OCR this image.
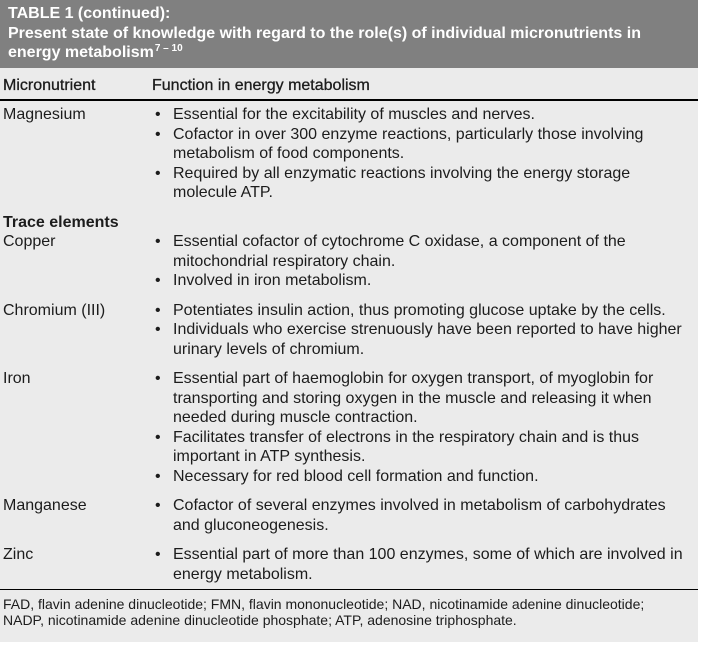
TABLE 1 (continued):
Present state of knowledge with regard to the role(s) of individual micronutrients in
energy metabolism$^{7 - 10}$
Micronutrient	Function in energy metabolism
Magnesium	• Essential for the excitability of muscles and nerves.
• Cofactor in over 300 enzyme reactions, particularly those involving
metabolism of food components.
• Required by all enzymatic reactions involving the energy storage
molecule ATP.
Trace elements
Copper	• Essential cofactor of cytochrome C oxidase, a component of the
mitochondrial respiratory chain.
• Involved in iron metabolism.
Chromium (III)	• Potentiates insulin action, thus promoting glucose uptake by the cells.
• Individuals who exercise strenuously have been reported to have higher
urinary levels of chromium.
Iron	• Essential part of haemoglobin for oxygen transport, of myoglobin for
transporting and storing oxygen in the muscle and releasing it when
needed during muscle contraction.
• Facilitates transfer of electrons in the respiratory chain and is thus
important in ATP synthesis.
• Necessary for red blood cell formation and function.
Manganese	• Cofactor of several enzymes involved in metabolism of carbohydrates
and gluconeogenesis.
Zinc	• Essential part of more than 100 enzymes, some of which are involved in
energy metabolism.
FAD, flavin adenine dinucleotide; FMN, flavin mononucleotide; NAD, nicotinamide adenine dinucleotide;
NADP, nicotinamide adenine dinucleotide phosphate; ATP, adenosine triphosphate.
